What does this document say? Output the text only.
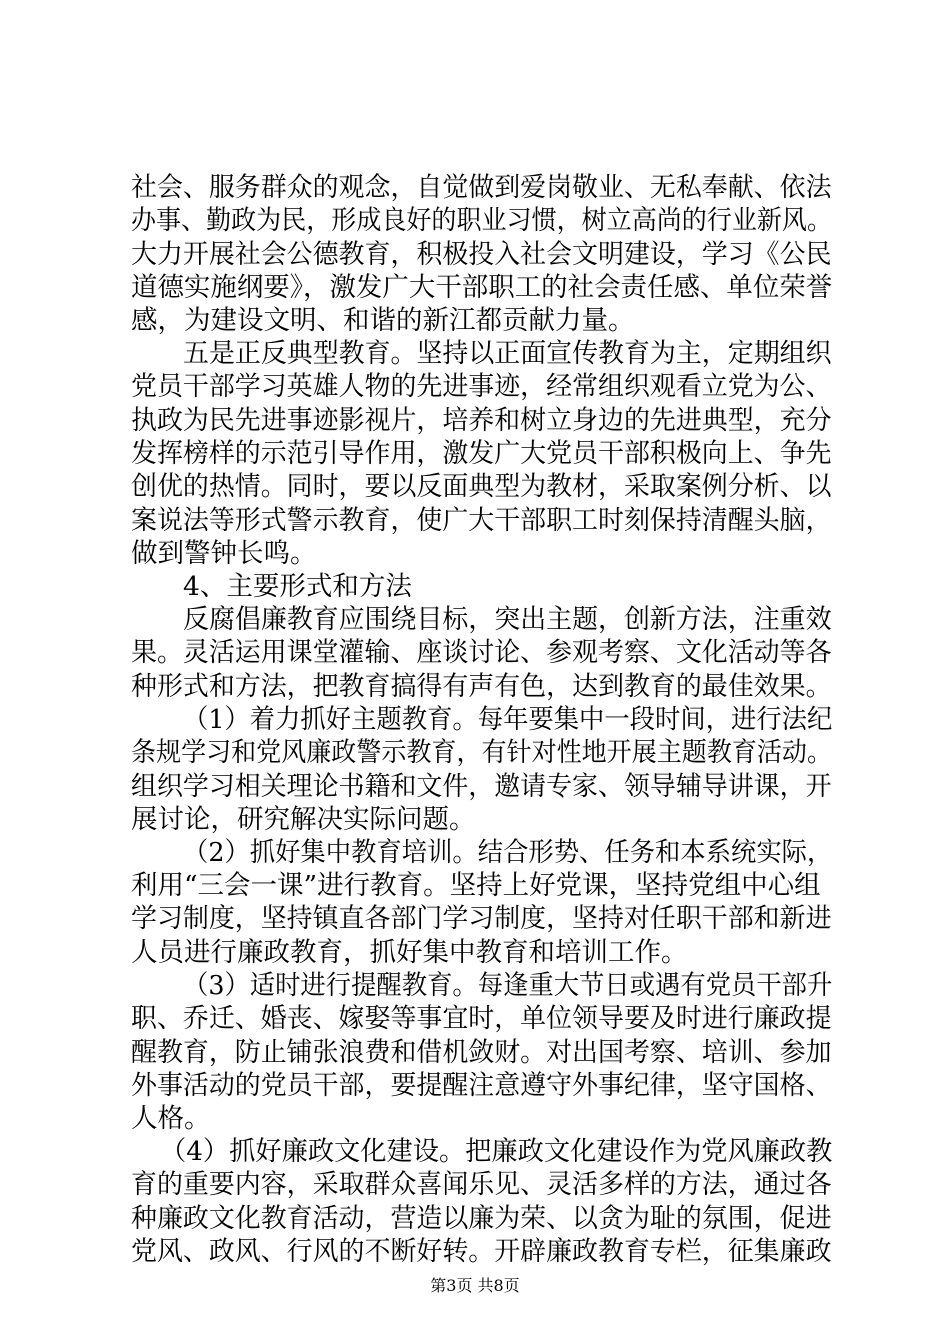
社会、服务群众的观念，自觉做到爱岗敬业、无私奉献、依法
办事、勤政为民，形成良好的职业习惯，树立高尚的行业新风。
大力开展社会公德教育，积极投入社会文明建设，学习《公民
道德实施纲要》，激发广大干部职工的社会责任感、单位荣誉
感，为建设文明、和谐的新江都贡献力量。
五是正反典型教育。坚持以正面宣传教育为主，定期组织
党员干部学习英雄人物的先进事迹，经常组织观看立党为公、
执政为民先进事迹影视片，培养和树立身边的先进典型，充分
发挥榜样的示范引导作用，激发广大党员干部积极向上、争先
创优的热情。同时，要以反面典型为教材，采取案例分析、以
案说法等形式警示教育，使广大干部职工时刻保持清醒头脑，
做到警钟长鸣。
4、主要形式和方法
反腐倡廉教育应围绕目标，突出主题，创新方法，注重效
果。灵活运用课堂灌输、座谈讨论、参观考察、文化活动等各
种形式和方法，把教育搞得有声有色，达到教育的最佳效果。
（1）着力抓好主题教育。每年要集中一段时间，进行法纪
条规学习和党风廉政警示教育，有针对性地开展主题教育活动。
组织学习相关理论书籍和文件，邀请专家、领导辅导讲课，开
展讨论，研究解决实际问题。
（2）抓好集中教育培训。结合形势、任务和本系统实际，
利用“三会一课”进行教育。坚持上好党课，坚持党组中心组
学习制度，坚持镇直各部门学习制度，坚持对任职干部和新进
人员进行廉政教育，抓好集中教育和培训工作。
（3）适时进行提醒教育。每逢重大节日或遇有党员干部升
职、乔迁、婚丧、嫁娶等事宜时，单位领导要及时进行廉政提
醒教育，防止铺张浪费和借机敛财。对出国考察、培训、参加
外事活动的党员干部，要提醒注意遵守外事纪律，坚守国格、
人格。
（4）抓好廉政文化建设。把廉政文化建设作为党风廉政教
育的重要内容，采取群众喜闻乐见、灵活多样的方法，通过各
种廉政文化教育活动，营造以廉为荣、以贪为耻的氛围，促进
党风、政风、行风的不断好转。开辟廉政教育专栏，征集廉政
第3页 共8页
